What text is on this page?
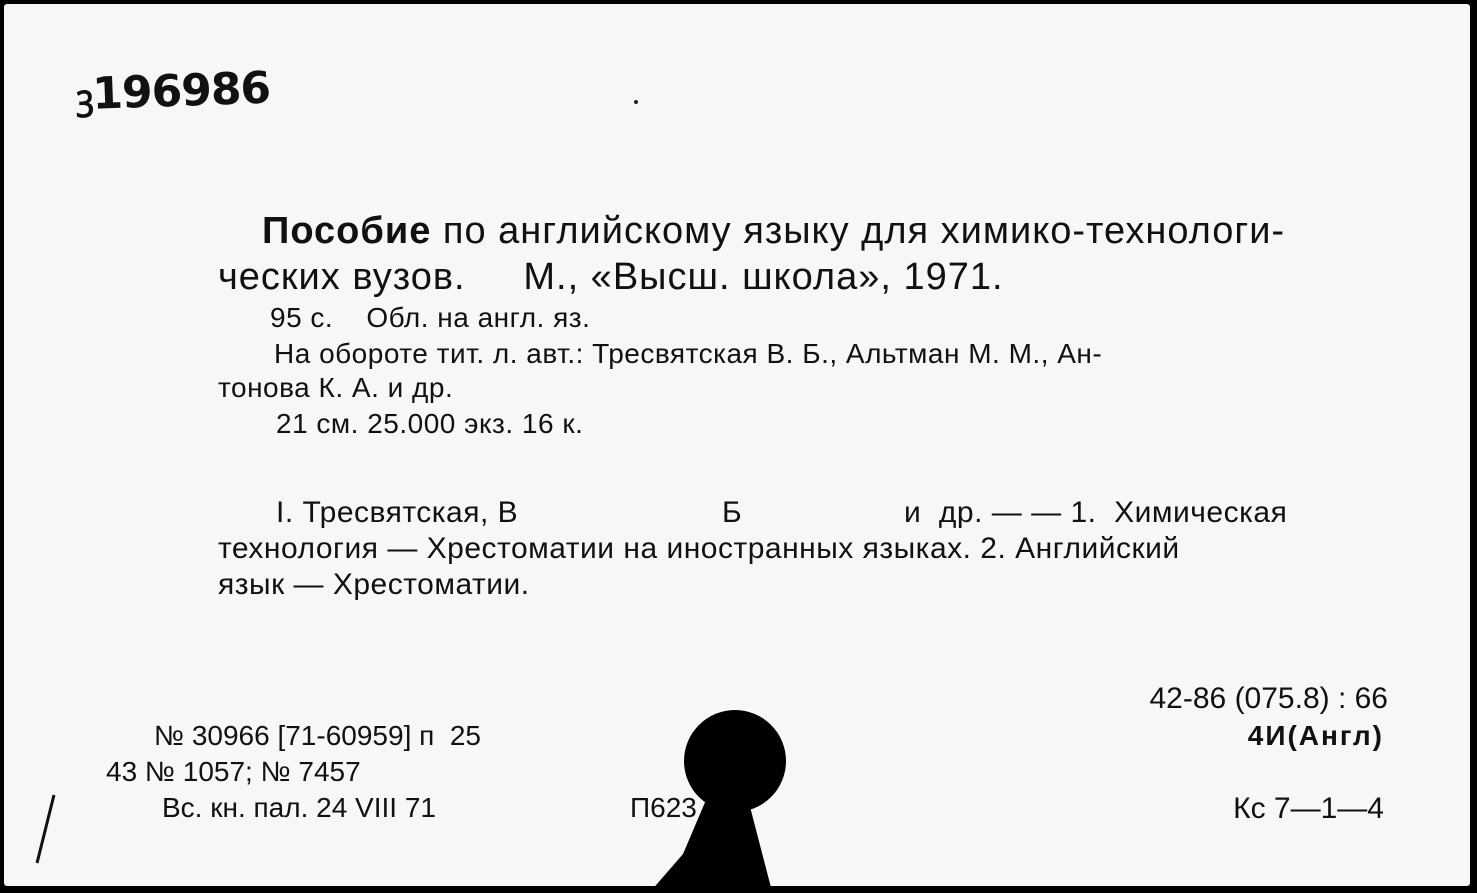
ꝫ196986
Пособие по английскому языку для химико-технологи-
ческих вузов.     М., «Высш. школа», 1971.
95 с.    Обл. на англ. яз.
На обороте тит. л. авт.: Тресвятская В. Б., Альтман М. М., Ан-
тонова К. А. и др.
21 см. 25.000 экз. 16 к.
I. Тресвятская, В	Б	и  др. — — 1.  Химическая
технология — Хрестоматии на иностранных языках. 2. Английский
язык — Хрестоматии.
42-86 (075.8) : 66
4И(Англ)
№ 30966 [71-60959] п  25
43 № 1057; № 7457
Вс. кн. пал. 24 VIII 71	П623	Кс 7—1—4
